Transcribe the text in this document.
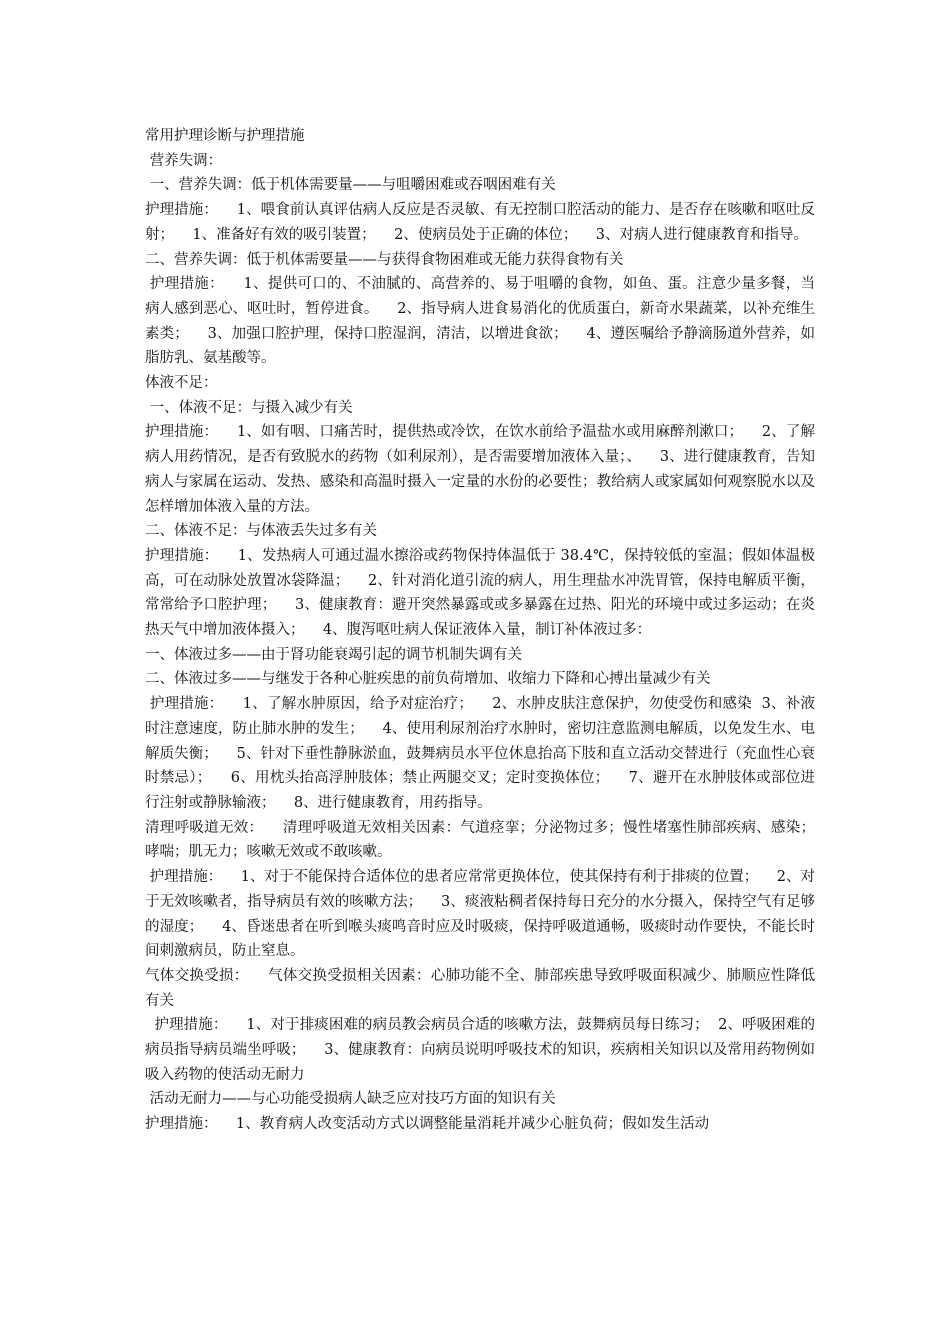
常用护理诊断与护理措施

营养失调：

一、营养失调：低于机体需要量——与咀嚼困难或吞咽困难有关

护理措施：    1、喂食前认真评估病人反应是否灵敏、有无控制口腔活动的能力、是否存在咳嗽和呕吐反射；    1、准备好有效的吸引装置；    2、使病员处于正确的体位；    3、对病人进行健康教育和指导。

二、营养失调：低于机体需要量——与获得食物困难或无能力获得食物有关

护理措施：    1、提供可口的、不油腻的、高营养的、易于咀嚼的食物，如鱼、蛋。注意少量多餐，当病人感到恶心、呕吐时，暂停进食。    2、指导病人进食易消化的优质蛋白，新奇水果蔬菜，以补充维生素类；    3、加强口腔护理，保持口腔湿润，清洁，以增进食欲；    4、遵医嘱给予静滴肠道外营养，如脂肪乳、氨基酸等。

体液不足：

一、体液不足：与摄入减少有关

护理措施：    1、如有咽、口痛苦时，提供热或冷饮，在饮水前给予温盐水或用麻醉剂漱口；    2、了解病人用药情况，是否有致脱水的药物（如利尿剂），是否需要增加液体入量；、    3、进行健康教育，告知病人与家属在运动、发热、感染和高温时摄入一定量的水份的必要性；教给病人或家属如何观察脱水以及怎样增加体液入量的方法。

二、体液不足：与体液丢失过多有关

护理措施：    1、发热病人可通过温水擦浴或药物保持体温低于 38.4℃，保持较低的室温；假如体温极高，可在动脉处放置冰袋降温；    2、针对消化道引流的病人，用生理盐水冲洗胃管，保持电解质平衡，常常给予口腔护理；    3、健康教育：避开突然暴露或或多暴露在过热、阳光的环境中或过多运动；在炎热天气中增加液体摄入；    4、腹泻呕吐病人保证液体入量，制订补体液过多：

一、体液过多——由于肾功能衰竭引起的调节机制失调有关

二、体液过多——与继发于各种心脏疾患的前负荷增加、收缩力下降和心搏出量减少有关

护理措施：    1、了解水肿原因，给予对症治疗；    2、水肿皮肤注意保护，勿使受伤和感染  3、补液时注意速度，防止肺水肿的发生；    4、使用利尿剂治疗水肿时，密切注意监测电解质，以免发生水、电解质失衡；    5、针对下垂性静脉淤血，鼓舞病员水平位休息抬高下肢和直立活动交替进行（充血性心衰时禁忌）；    6、用枕头抬高浮肿肢体；禁止两腿交叉；定时变换体位；    7、避开在水肿肢体或部位进行注射或静脉输液；    8、进行健康教育，用药指导。

清理呼吸道无效：    清理呼吸道无效相关因素：气道痉挛；分泌物过多；慢性堵塞性肺部疾病、感染；哮喘；肌无力；咳嗽无效或不敢咳嗽。

护理措施：    1、对于不能保持合适体位的患者应常常更换体位，使其保持有利于排痰的位置；    2、对于无效咳嗽者，指导病员有效的咳嗽方法；    3、痰液粘稠者保持每日充分的水分摄入，保持空气有足够的湿度；    4、昏迷患者在听到喉头痰鸣音时应及时吸痰，保持呼吸道通畅，吸痰时动作要快，不能长时间刺激病员，防止窒息。

气体交换受损：    气体交换受损相关因素：心肺功能不全、肺部疾患导致呼吸面积减少、肺顺应性降低有关

护理措施：    1、对于排痰困难的病员教会病员合适的咳嗽方法，鼓舞病员每日练习；  2、呼吸困难的病员指导病员端坐呼吸；    3、健康教育：向病员说明呼吸技术的知识，疾病相关知识以及常用药物例如吸入药物的使活动无耐力

活动无耐力——与心功能受损病人缺乏应对技巧方面的知识有关

护理措施：    1、教育病人改变活动方式以调整能量消耗并减少心脏负荷；假如发生活动
